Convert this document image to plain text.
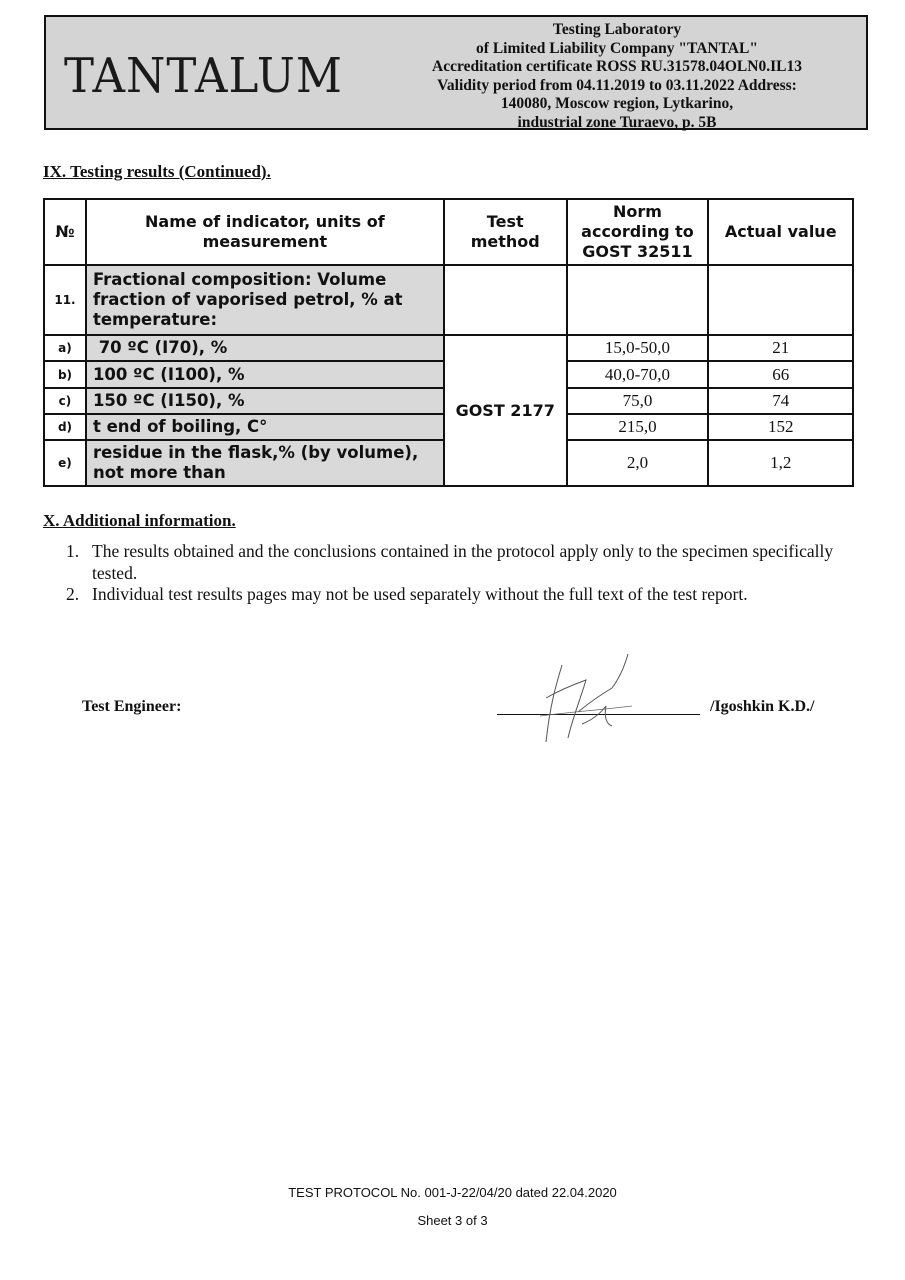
TANTALUM
Testing Laboratory
of Limited Liability Company "TANTAL"
Accreditation certificate ROSS RU.31578.04OLN0.IL13
Validity period from 04.11.2019 to 03.11.2022 Address:
140080, Moscow region, Lytkarino,
industrial zone Turaevo, p. 5B
IX. Testing results (Continued).
№	Name of indicator, units of measurement	Test method	Norm according to GOST 32511	Actual value
11.	Fractional composition: Volume fraction of vaporised petrol, % at temperature:			
a)	70 ºC (I70), %	GOST 2177	15,0-50,0	21
b)	100 ºC (I100), %		40,0-70,0	66
c)	150 ºC (I150), %		75,0	74
d)	t end of boiling, C°		215,0	152
e)	residue in the flask,% (by volume), not more than		2,0	1,2
X. Additional information.
1. The results obtained and the conclusions contained in the protocol apply only to the specimen specifically tested.
2. Individual test results pages may not be used separately without the full text of the test report.
Test Engineer:	/Igoshkin K.D./
TEST PROTOCOL No. 001-J-22/04/20 dated 22.04.2020
Sheet 3 of 3
